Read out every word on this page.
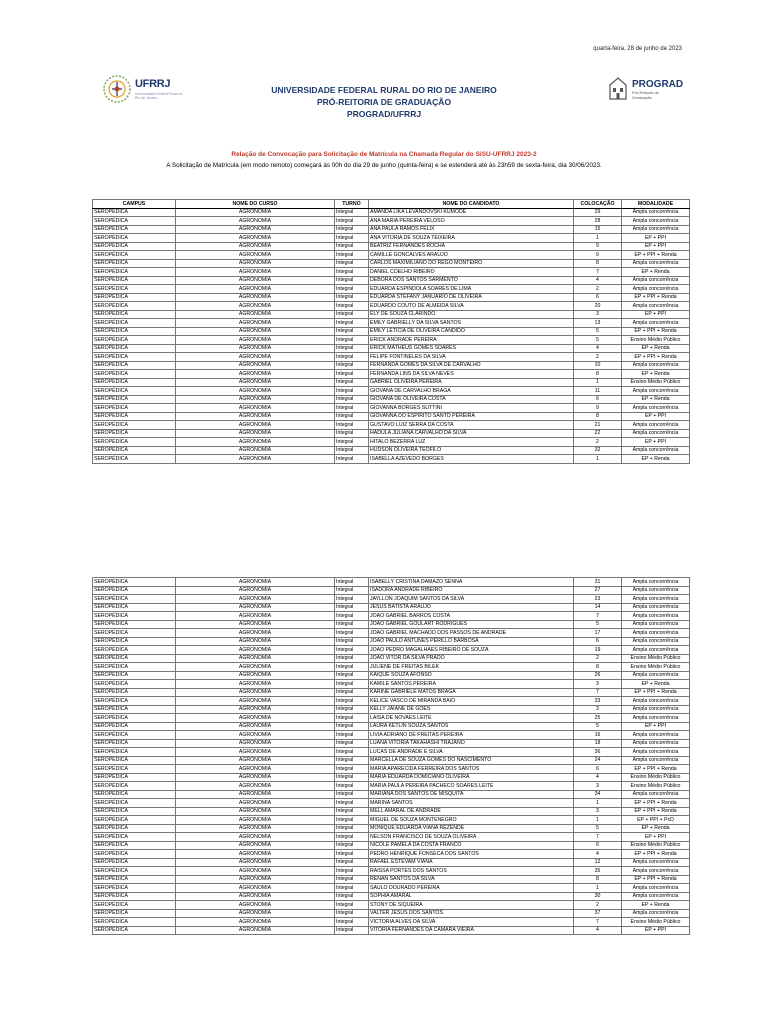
quarta-feira, 28 de junho de 2023
UFRRJ
Universidade Federal Rural do Rio de Janeiro
PROGRAD
Pró-Reitoria de Graduação
UNIVERSIDADE FEDERAL RURAL DO RIO DE JANEIRO
PRÓ-REITORIA DE GRADUAÇÃO
PROGRAD/UFRRJ
Relação de Convocação para Solicitação de Matrícula na Chamada Regular do SiSU-UFRRJ 2023-2
A Solicitação de Matrícula (em modo remoto) começará às 00h do dia 29 de junho (quinta-feira) e se estenderá até às 23h59 de sexta-feira, dia 30/06/2023.
CAMPUS	NOME DO CURSO	TURNO	NOME DO CANDIDATO	COLOCAÇÃO	MODALIDADE
SEROPÉDICA	AGRONOMIA	Integral	AMANDA LIKA LEVANDOVSKI KUMODE	29	Ampla concorrência
SEROPÉDICA	AGRONOMIA	Integral	ANA MARIA PEREIRA VELOSO	28	Ampla concorrência
SEROPÉDICA	AGRONOMIA	Integral	ANA PAULA RAMOS FELIX	15	Ampla concorrência
SEROPÉDICA	AGRONOMIA	Integral	ANA VITORIA DE SOUZA TEIXEIRA	1	EP + PPI
SEROPÉDICA	AGRONOMIA	Integral	BEATRIZ FERNANDES ROCHA	9	EP + PPI
SEROPÉDICA	AGRONOMIA	Integral	CAMILLE GONCALVES ARAUJO	9	EP + PPI + Renda
SEROPÉDICA	AGRONOMIA	Integral	CARLOS MAXIMILIANO DO REGO MONTEIRO	8	Ampla concorrência
SEROPÉDICA	AGRONOMIA	Integral	DANIEL COELHO RIBEIRO	7	EP + Renda
SEROPÉDICA	AGRONOMIA	Integral	DEBORA DOS SANTOS SARMENTO	4	Ampla concorrência
SEROPÉDICA	AGRONOMIA	Integral	EDUARDA ESPINDOLA SOARES DE LIMA	2	Ampla concorrência
SEROPÉDICA	AGRONOMIA	Integral	EDUARDA STEFANY JANUARIO DE OLIVEIRA	6	EP + PPI + Renda
SEROPÉDICA	AGRONOMIA	Integral	EDUARDO COUTO DE ALMEIDA SILVA	20	Ampla concorrência
SEROPÉDICA	AGRONOMIA	Integral	ELY DE SOUZA CLARINDO	3	EP + PPI
SEROPÉDICA	AGRONOMIA	Integral	EMILY GABRIELLY DA SILVA SANTOS	13	Ampla concorrência
SEROPÉDICA	AGRONOMIA	Integral	EMILY LETICIA DE OLIVEIRA CANDIDO	5	EP + PPI + Renda
SEROPÉDICA	AGRONOMIA	Integral	ERICK ANDRADE PEREIRA	5	Ensino Médio Público
SEROPÉDICA	AGRONOMIA	Integral	ERICK MATHEUS GOMES SOARES	4	EP + Renda
SEROPÉDICA	AGRONOMIA	Integral	FELIPE FONTINELES DA SILVA	2	EP + PPI + Renda
SEROPÉDICA	AGRONOMIA	Integral	FERNANDA GOMES DA SILVA DE CARVALHO	10	Ampla concorrência
SEROPÉDICA	AGRONOMIA	Integral	FERNANDA LINS DA SILVA NEVES	8	EP + Renda
SEROPÉDICA	AGRONOMIA	Integral	GABRIEL OLIVEIRA PEREIRA	1	Ensino Médio Público
SEROPÉDICA	AGRONOMIA	Integral	GIOVANA DE CARVALHO BRAGA	11	Ampla concorrência
SEROPÉDICA	AGRONOMIA	Integral	GIOVANA DE OLIVEIRA COSTA	6	EP + Renda
SEROPÉDICA	AGRONOMIA	Integral	GIOVANNA BORGES SUTTINI	9	Ampla concorrência
SEROPÉDICA	AGRONOMIA	Integral	GIOVANNA DO ESPIRITO SANTO PEREIRA	8	EP + PPI
SEROPÉDICA	AGRONOMIA	Integral	GUSTAVO LUIZ SERRA DA COSTA	21	Ampla concorrência
SEROPÉDICA	AGRONOMIA	Integral	HADULA JULIANA CARVALHO DA SILVA	22	Ampla concorrência
SEROPÉDICA	AGRONOMIA	Integral	HITALO BEZERRA LUZ	2	EP + PPI
SEROPÉDICA	AGRONOMIA	Integral	HUDSON OLIVEIRA TEOFILO	32	Ampla concorrência
SEROPÉDICA	AGRONOMIA	Integral	ISABELLA AZEVEDO BORGES	1	EP + Renda
SEROPÉDICA	AGRONOMIA	Integral	ISABELLY CRISTINA DAMAZO SENNA	31	Ampla concorrência
SEROPÉDICA	AGRONOMIA	Integral	ISADORA ANDRADE RIBEIRO	27	Ampla concorrência
SEROPÉDICA	AGRONOMIA	Integral	JAYLLON JOAQUIM SANTOS DA SILVA	23	Ampla concorrência
SEROPÉDICA	AGRONOMIA	Integral	JESUS BATISTA ARAUJO	14	Ampla concorrência
SEROPÉDICA	AGRONOMIA	Integral	JOAO GABRIEL BARROS COSTA	7	Ampla concorrência
SEROPÉDICA	AGRONOMIA	Integral	JOAO GABRIEL GOULART RODRIGUES	5	Ampla concorrência
SEROPÉDICA	AGRONOMIA	Integral	JOAO GABRIEL MACHADO DOS PASSOS DE ANDRADE	17	Ampla concorrência
SEROPÉDICA	AGRONOMIA	Integral	JOAO PAULO ANTUNES PERILLO BARBOSA	6	Ampla concorrência
SEROPÉDICA	AGRONOMIA	Integral	JOAO PEDRO MAGALHAES RIBEIRO DE SOUZA	19	Ampla concorrência
SEROPÉDICA	AGRONOMIA	Integral	JOAO VITOR DA SILVA PRADO	2	Ensino Médio Público
SEROPÉDICA	AGRONOMIA	Integral	JULIENE DE FREITAS BILEK	8	Ensino Médio Público
SEROPÉDICA	AGRONOMIA	Integral	KAIQUE SOUZA AFONSO	26	Ampla concorrência
SEROPÉDICA	AGRONOMIA	Integral	KAMILE SANTOS PEREIRA	3	EP + Renda
SEROPÉDICA	AGRONOMIA	Integral	KARINE GABRIELE MATOS BRAGA	7	EP + PPI + Renda
SEROPÉDICA	AGRONOMIA	Integral	KELICE VASCO DE MIRANDA BAIO	33	Ampla concorrência
SEROPÉDICA	AGRONOMIA	Integral	KELLY JAIANE DE GOES	3	Ampla concorrência
SEROPÉDICA	AGRONOMIA	Integral	LAISA DE NOVAES LEITE	25	Ampla concorrência
SEROPÉDICA	AGRONOMIA	Integral	LAURA KETLIN SOUZA SANTOS	5	EP + PPI
SEROPÉDICA	AGRONOMIA	Integral	LIVIA ADRIANO DE FREITAS PEREIRA	16	Ampla concorrência
SEROPÉDICA	AGRONOMIA	Integral	LUANA VITORIA TAKAHASHI TRAJANO	18	Ampla concorrência
SEROPÉDICA	AGRONOMIA	Integral	LUCAS DE ANDRADE E SILVA	36	Ampla concorrência
SEROPÉDICA	AGRONOMIA	Integral	MARCELLA DE SOUZA GOMES DO NASCIMENTO	24	Ampla concorrência
SEROPÉDICA	AGRONOMIA	Integral	MARIA APARECIDA FERREIRA DOS SANTOS	6	EP + PPI + Renda
SEROPÉDICA	AGRONOMIA	Integral	MARIA EDUARDA DOMICIANO OLIVEIRA	4	Ensino Médio Público
SEROPÉDICA	AGRONOMIA	Integral	MARIA PAULA PEREIRA PACHECO SOARES LEITE	3	Ensino Médio Público
SEROPÉDICA	AGRONOMIA	Integral	MARIANA DOS SANTOS DE MISQUITA	34	Ampla concorrência
SEROPÉDICA	AGRONOMIA	Integral	MARINA SANTOS	1	EP + PPI + Renda
SEROPÉDICA	AGRONOMIA	Integral	MELL AMARAL DE ANDRADE	3	EP + PPI + Renda
SEROPÉDICA	AGRONOMIA	Integral	MIGUEL DE SOUZA MONTENEGRO	1	EP + PPI + PcD
SEROPÉDICA	AGRONOMIA	Integral	MONIQUE EDUARDA VIANA REZENDE	5	EP + Renda
SEROPÉDICA	AGRONOMIA	Integral	NELSON FRANCISCO DE SOUZA OLIVEIRA	7	EP + PPI
SEROPÉDICA	AGRONOMIA	Integral	NICOLE PAMELA DA COSTA FRANCO	6	Ensino Médio Público
SEROPÉDICA	AGRONOMIA	Integral	PEDRO HENRIQUE FONSECA DOS SANTOS	4	EP + PPI + Renda
SEROPÉDICA	AGRONOMIA	Integral	RAFAEL ESTEVAM VIANA	12	Ampla concorrência
SEROPÉDICA	AGRONOMIA	Integral	RAISSA PORTES DOS SANTOS	35	Ampla concorrência
SEROPÉDICA	AGRONOMIA	Integral	RENAN SANTOS DA SILVA	8	EP + PPI + Renda
SEROPÉDICA	AGRONOMIA	Integral	SAULO DOURADO PEREIRA	1	Ampla concorrência
SEROPÉDICA	AGRONOMIA	Integral	SOPHIA AMARAL	30	Ampla concorrência
SEROPÉDICA	AGRONOMIA	Integral	STONY DE SIQUEIRA	2	EP + Renda
SEROPÉDICA	AGRONOMIA	Integral	VALTER JESUS DOS SANTOS	37	Ampla concorrência
SEROPÉDICA	AGRONOMIA	Integral	VICTORIA ALVES DA SILVA	7	Ensino Médio Público
SEROPÉDICA	AGRONOMIA	Integral	VITORIA FERNANDES DA CAMARA VIEIRA	4	EP + PPI
